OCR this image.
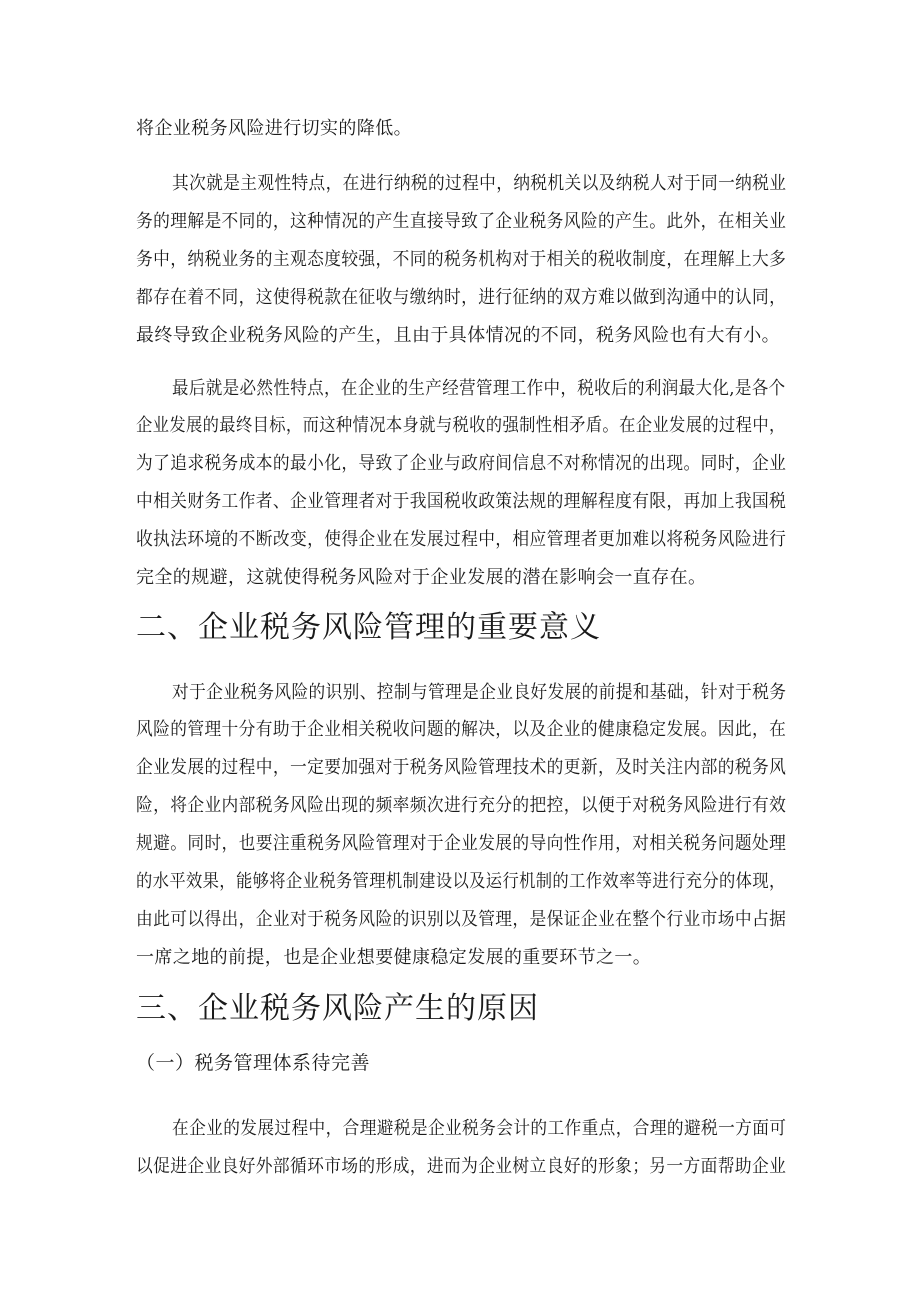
将企业税务风险进行切实的降低。
其次就是主观性特点，在进行纳税的过程中，纳税机关以及纳税人对于同一纳税业
务的理解是不同的，这种情况的产生直接导致了企业税务风险的产生。此外，在相关业
务中，纳税业务的主观态度较强，不同的税务机构对于相关的税收制度，在理解上大多
都存在着不同，这使得税款在征收与缴纳时，进行征纳的双方难以做到沟通中的认同，
最终导致企业税务风险的产生，且由于具体情况的不同，税务风险也有大有小。
最后就是必然性特点，在企业的生产经营管理工作中，税收后的利润最大化,是各个
企业发展的最终目标，而这种情况本身就与税收的强制性相矛盾。在企业发展的过程中，
为了追求税务成本的最小化，导致了企业与政府间信息不对称情况的出现。同时，企业
中相关财务工作者、企业管理者对于我国税收政策法规的理解程度有限，再加上我国税
收执法环境的不断改变，使得企业在发展过程中，相应管理者更加难以将税务风险进行
完全的规避，这就使得税务风险对于企业发展的潜在影响会一直存在。
二、企业税务风险管理的重要意义
对于企业税务风险的识别、控制与管理是企业良好发展的前提和基础，针对于税务
风险的管理十分有助于企业相关税收问题的解决，以及企业的健康稳定发展。因此，在
企业发展的过程中，一定要加强对于税务风险管理技术的更新，及时关注内部的税务风
险，将企业内部税务风险出现的频率频次进行充分的把控，以便于对税务风险进行有效
规避。同时，也要注重税务风险管理对于企业发展的导向性作用，对相关税务问题处理
的水平效果，能够将企业税务管理机制建设以及运行机制的工作效率等进行充分的体现，
由此可以得出，企业对于税务风险的识别以及管理，是保证企业在整个行业市场中占据
一席之地的前提，也是企业想要健康稳定发展的重要环节之一。
三、企业税务风险产生的原因
（一）税务管理体系待完善
在企业的发展过程中，合理避税是企业税务会计的工作重点，合理的避税一方面可
以促进企业良好外部循环市场的形成，进而为企业树立良好的形象；另一方面帮助企业
